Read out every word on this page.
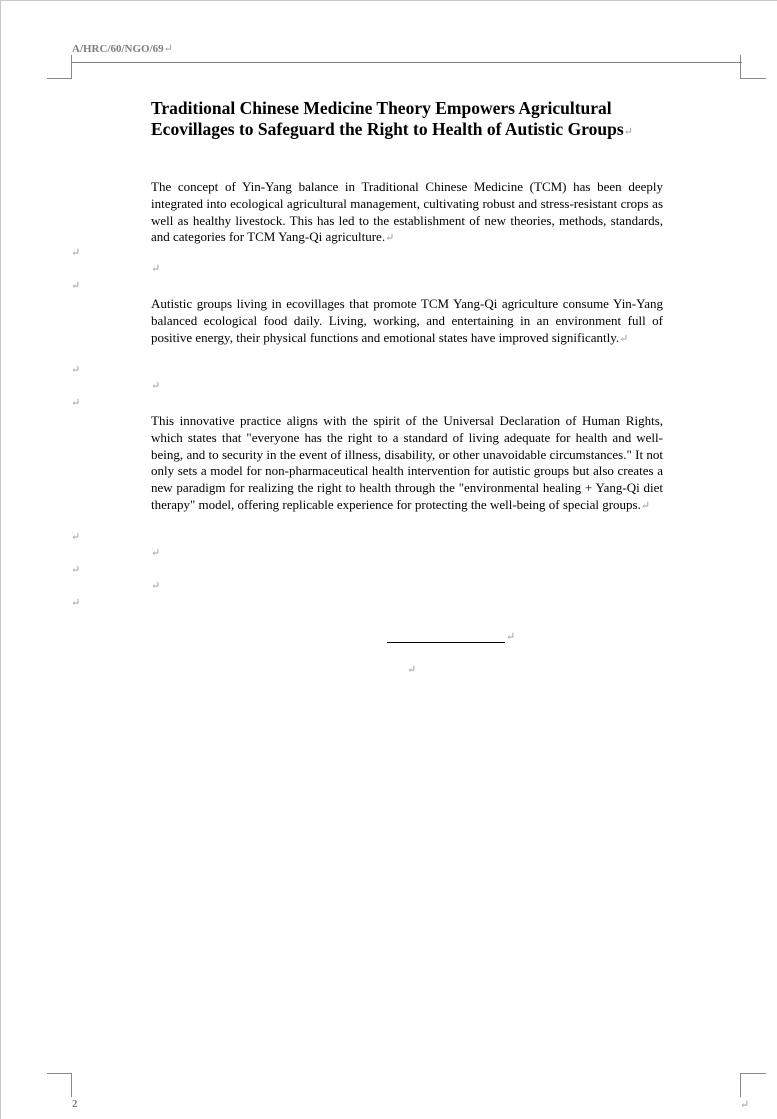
A/HRC/60/NGO/69↵
Traditional Chinese Medicine Theory Empowers Agricultural Ecovillages to Safeguard the Right to Health of Autistic Groups↵

The concept of Yin-Yang balance in Traditional Chinese Medicine (TCM) has been deeply integrated into ecological agricultural management, cultivating robust and stress-resistant crops as well as healthy livestock. This has led to the establishment of new theories, methods, standards, and categories for TCM Yang-Qi agriculture.↵

↵
↵
↵

Autistic groups living in ecovillages that promote TCM Yang-Qi agriculture consume Yin-Yang balanced ecological food daily. Living, working, and entertaining in an environment full of positive energy, their physical functions and emotional states have improved significantly.↵

↵
↵
↵

This innovative practice aligns with the spirit of the Universal Declaration of Human Rights, which states that "everyone has the right to a standard of living adequate for health and well-being, and to security in the event of illness, disability, or other unavoidable circumstances." It not only sets a model for non-pharmaceutical health intervention for autistic groups but also creates a new paradigm for realizing the right to health through the "environmental healing + Yang-Qi diet therapy" model, offering replicable experience for protecting the well-being of special groups.↵

↵
↵
↵
↵
↵
↵
↵
2	↵
